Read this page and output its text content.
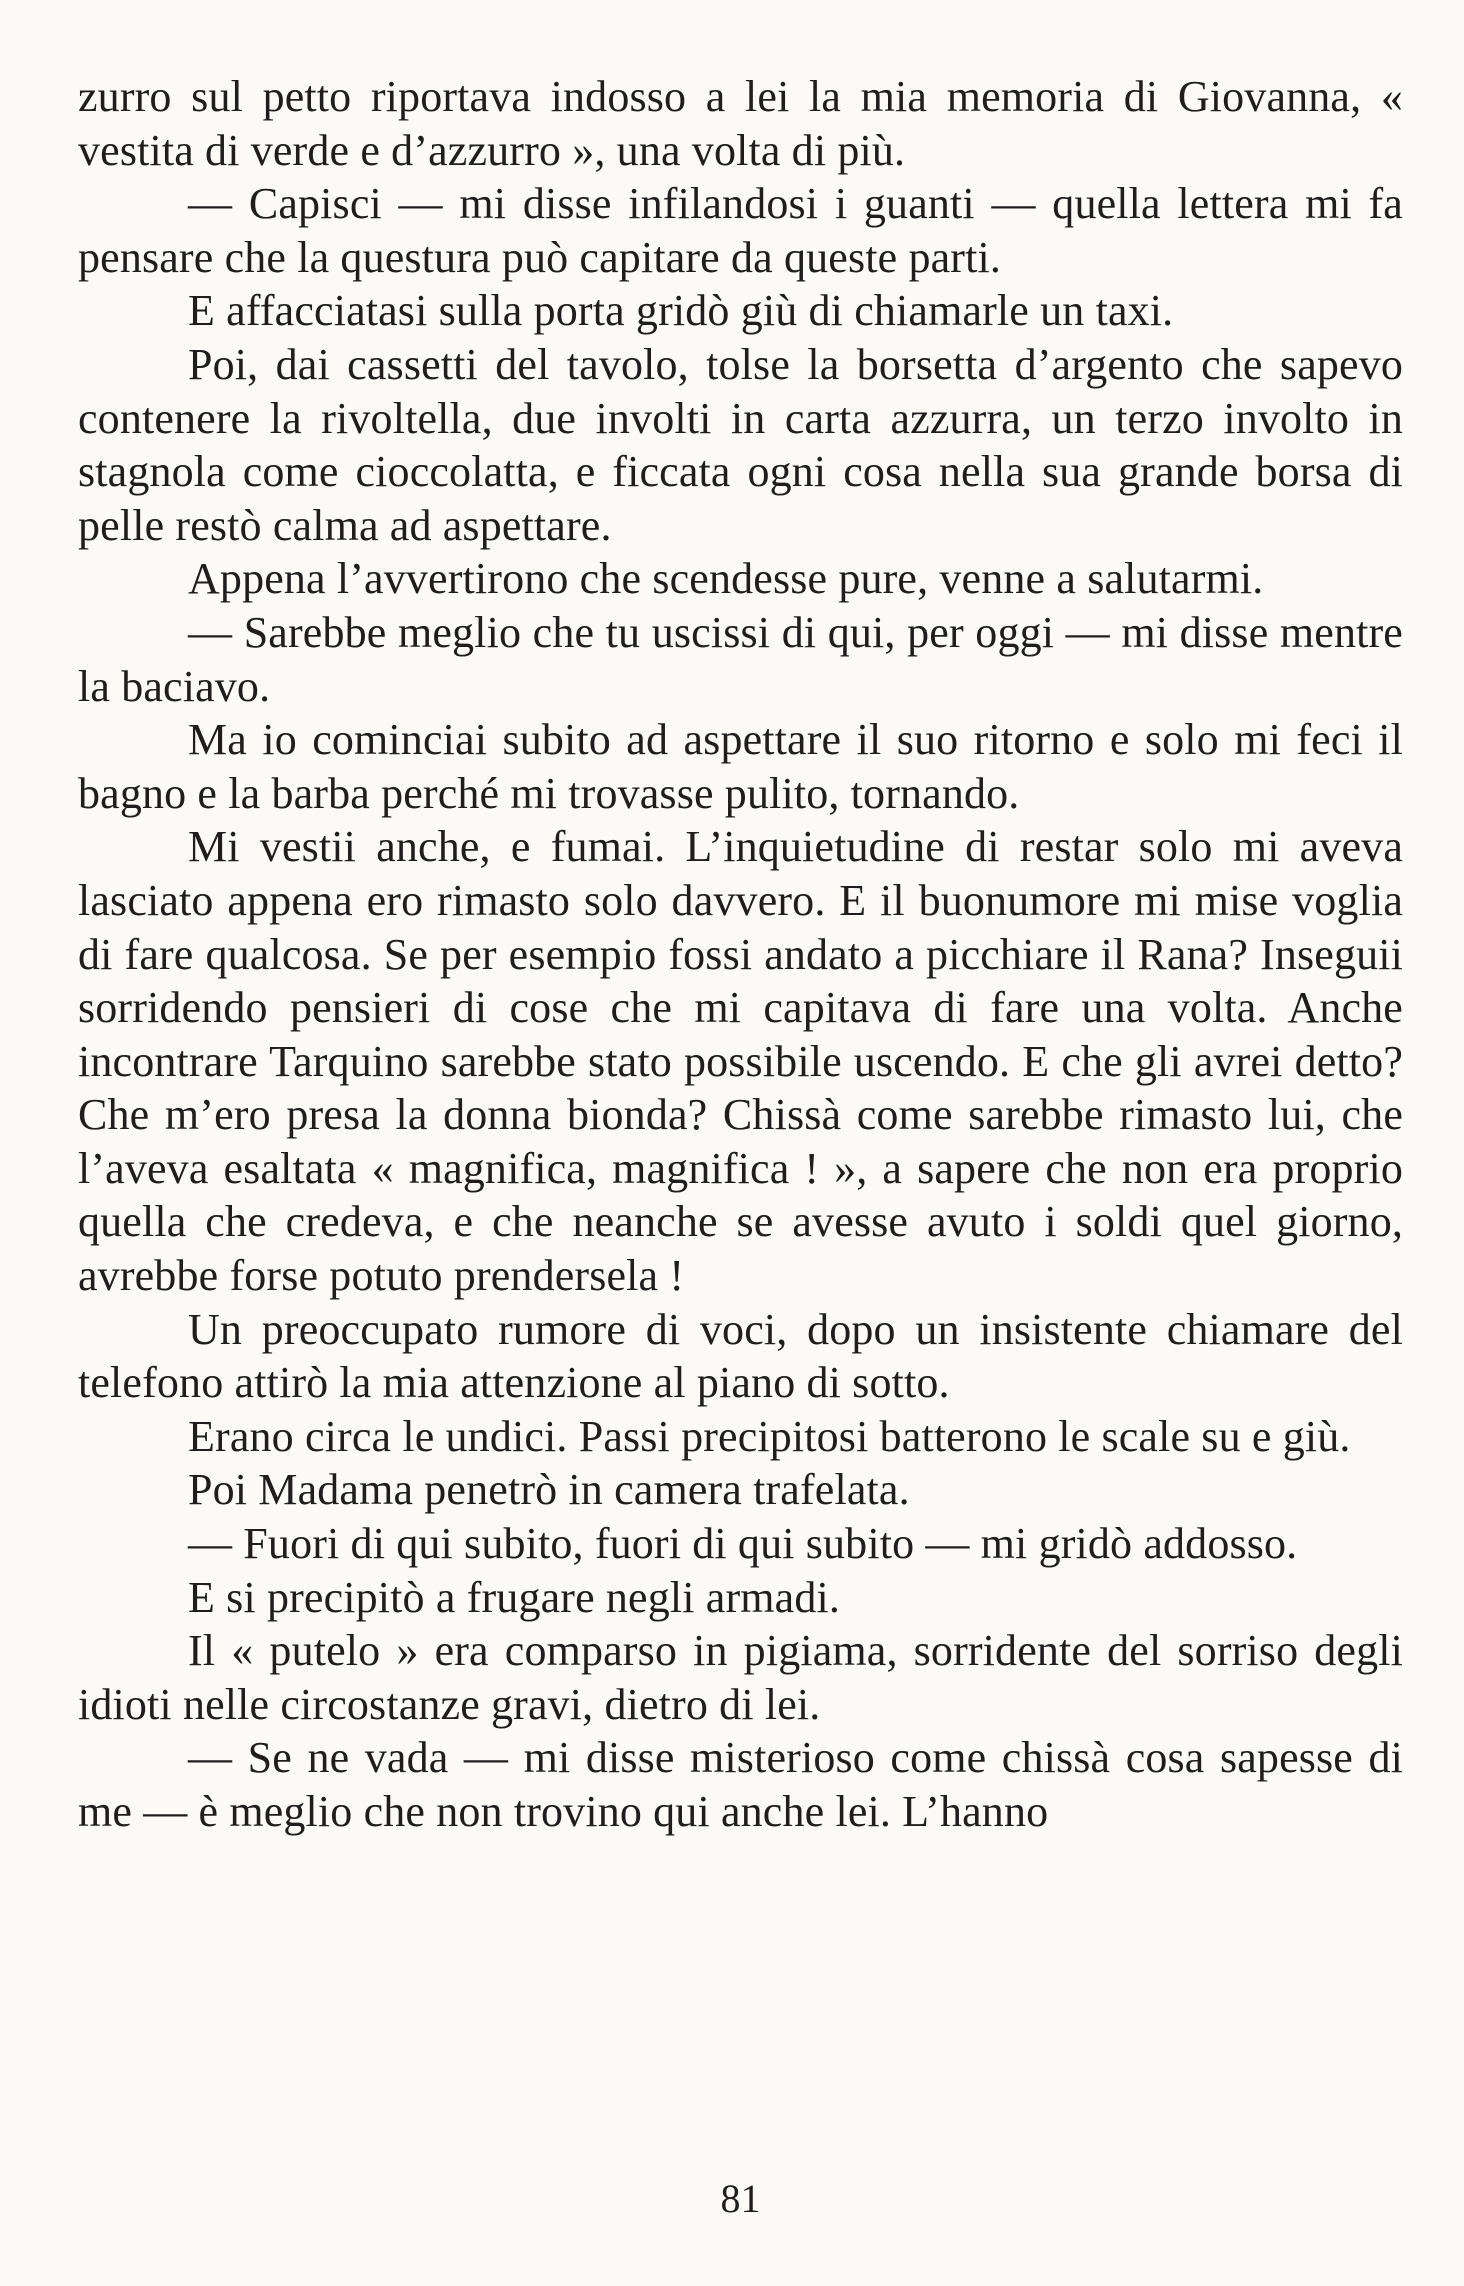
zurro sul petto riportava indosso a lei la mia memoria di Giovanna, « vestita di verde e d’azzurro », una volta di più.

— Capisci — mi disse infilandosi i guanti — quella lettera mi fa pensare che la questura può capitare da queste parti.

E affacciatasi sulla porta gridò giù di chiamarle un taxi.

Poi, dai cassetti del tavolo, tolse la borsetta d’argento che sapevo contenere la rivoltella, due involti in carta azzurra, un terzo involto in stagnola come cioccolatta, e ficcata ogni cosa nella sua grande borsa di pelle restò calma ad aspettare.

Appena l’avvertirono che scendesse pure, venne a salutarmi.

— Sarebbe meglio che tu uscissi di qui, per oggi — mi disse mentre la baciavo.

Ma io cominciai subito ad aspettare il suo ritorno e solo mi feci il bagno e la barba perché mi trovasse pulito, tornando.

Mi vestii anche, e fumai. L’inquietudine di restar solo mi aveva lasciato appena ero rimasto solo davvero. E il buonumore mi mise voglia di fare qualcosa. Se per esempio fossi andato a picchiare il Rana? Inseguii sorridendo pensieri di cose che mi capitava di fare una volta. Anche incontrare Tarquino sarebbe stato possibile uscendo. E che gli avrei detto? Che m’ero presa la donna bionda? Chissà come sarebbe rimasto lui, che l’aveva esaltata « magnifica, magnifica ! », a sapere che non era proprio quella che credeva, e che neanche se avesse avuto i soldi quel giorno, avrebbe forse potuto prendersela !

Un preoccupato rumore di voci, dopo un insistente chiamare del telefono attirò la mia attenzione al piano di sotto.

Erano circa le undici. Passi precipitosi batterono le scale su e giù.

Poi Madama penetrò in camera trafelata.

— Fuori di qui subito, fuori di qui subito — mi gridò addosso.

E si precipitò a frugare negli armadi.

Il « putelo » era comparso in pigiama, sorridente del sorriso degli idioti nelle circostanze gravi, dietro di lei.

— Se ne vada — mi disse misterioso come chissà cosa sapesse di me — è meglio che non trovino qui anche lei. L’hanno

81
